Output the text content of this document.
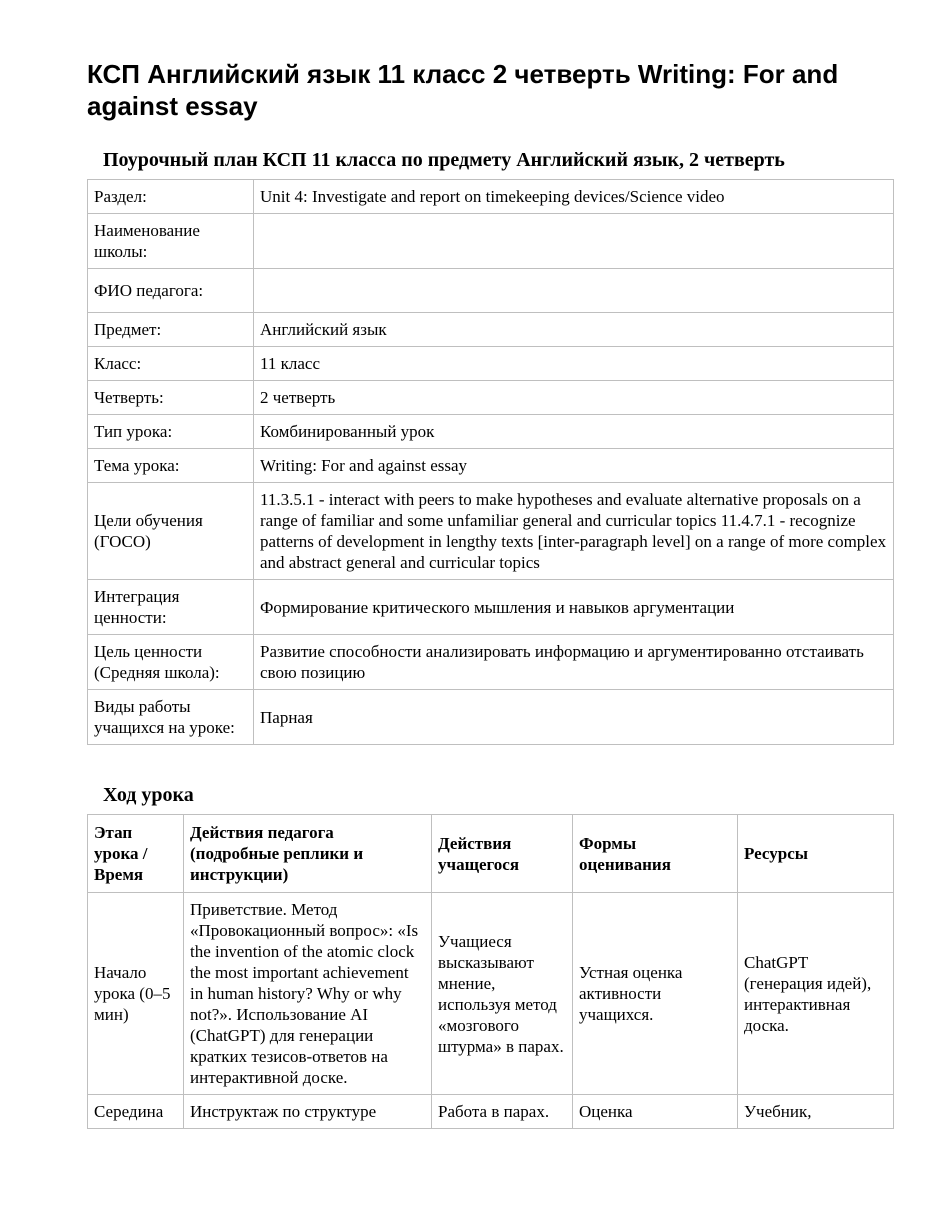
КСП Английский язык 11 класс 2 четверть Writing: For and against essay
Поурочный план КСП 11 класса по предмету Английский язык, 2 четверть
Раздел:	Unit 4: Investigate and report on timekeeping devices/Science video
Наименование школы:	
ФИО педагога:	
Предмет:	Английский язык
Класс:	11 класс
Четверть:	2 четверть
Тип урока:	Комбинированный урок
Тема урока:	Writing: For and against essay
Цели обучения (ГОСО)	11.3.5.1 - interact with peers to make hypotheses and evaluate alternative proposals on a range of familiar and some unfamiliar general and curricular topics 11.4.7.1 - recognize patterns of development in lengthy texts [inter-paragraph level] on a range of more complex and abstract general and curricular topics
Интеграция ценности:	Формирование критического мышления и навыков аргументации
Цель ценности (Средняя школа):	Развитие способности анализировать информацию и аргументированно отстаивать свою позицию
Виды работы учащихся на уроке:	Парная
Ход урока
Этап урока / Время	Действия педагога (подробные реплики и инструкции)	Действия учащегося	Формы оценивания	Ресурсы
Начало урока (0–5 мин)	Приветствие. Метод «Провокационный вопрос»: «Is the invention of the atomic clock the most important achievement in human history? Why or why not?». Использование AI (ChatGPT) для генерации кратких тезисов-ответов на интерактивной доске.	Учащиеся высказывают мнение, используя метод «мозгового штурма» в парах.	Устная оценка активности учащихся.	ChatGPT (генерация идей), интерактивная доска.
Середина	Инструктаж по структуре	Работа в парах.	Оценка	Учебник,
